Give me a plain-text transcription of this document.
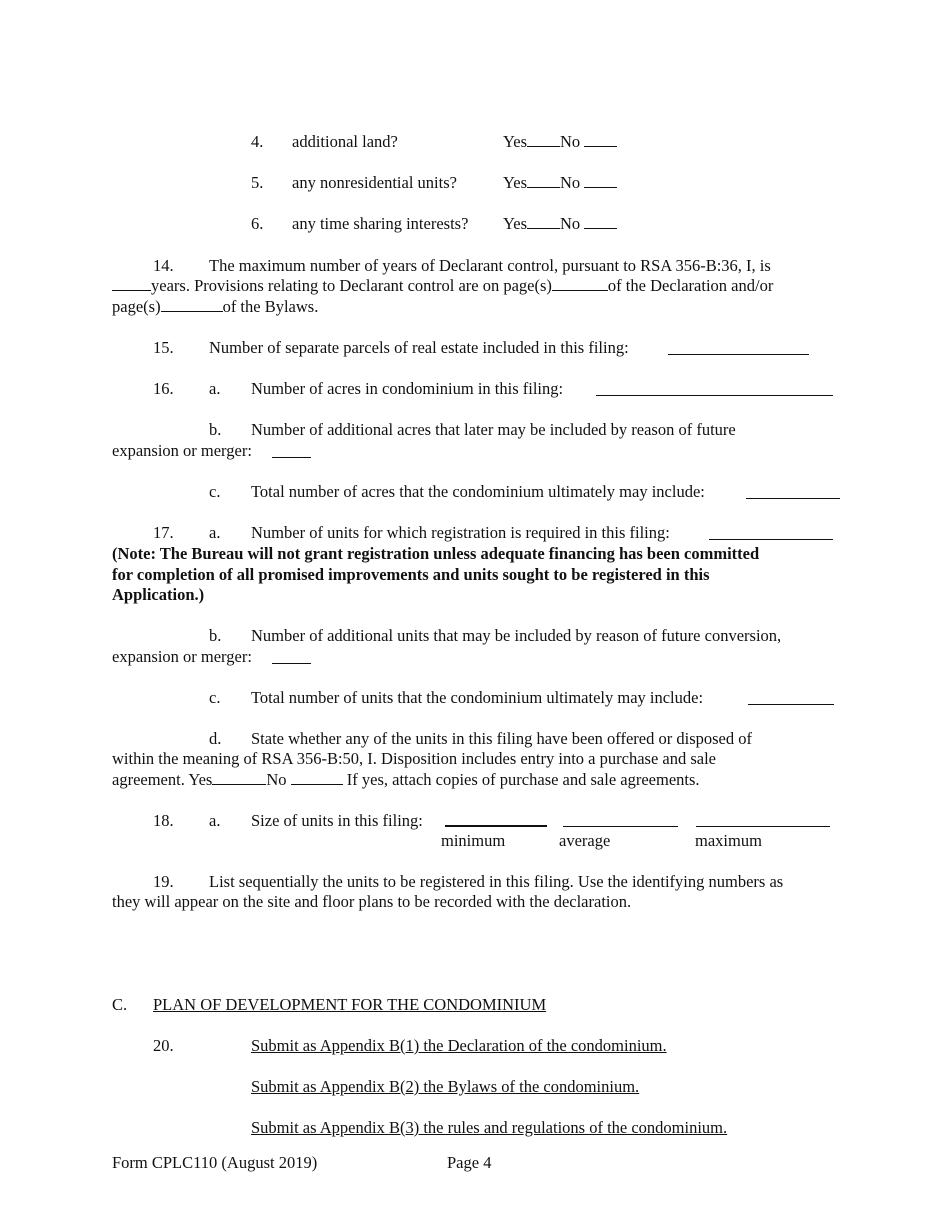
4. additional land?	Yes No
5. any nonresidential units?	Yes No
6. any time sharing interests? Yes No
14. The maximum number of years of Declarant control, pursuant to RSA 356-B:36, I, is
years. Provisions relating to Declarant control are on page(s)	of the Declaration and/or
page(s)	of the Bylaws.
15. Number of separate parcels of real estate included in this filing:
16. a. Number of acres in condominium in this filing:
b. Number of additional acres that later may be included by reason of future
expansion or merger:
c. Total number of acres that the condominium ultimately may include:
17. a. Number of units for which registration is required in this filing:
(Note: The Bureau will not grant registration unless adequate financing has been committed
for completion of all promised improvements and units sought to be registered in this
Application.)
b. Number of additional units that may be included by reason of future conversion,
expansion or merger:
c. Total number of units that the condominium ultimately may include:
d. State whether any of the units in this filing have been offered or disposed of
within the meaning of RSA 356-B:50, I. Disposition includes entry into a purchase and sale
agreement. Yes	No	If yes, attach copies of purchase and sale agreements.
18. a. Size of units in this filing:
minimum	average	maximum
19. List sequentially the units to be registered in this filing. Use the identifying numbers as
they will appear on the site and floor plans to be recorded with the declaration.
C. PLAN OF DEVELOPMENT FOR THE CONDOMINIUM
20.	Submit as Appendix B(1) the Declaration of the condominium.
Submit as Appendix B(2) the Bylaws of the condominium.
Submit as Appendix B(3) the rules and regulations of the condominium.
Form CPLC110 (August 2019)	Page 4
